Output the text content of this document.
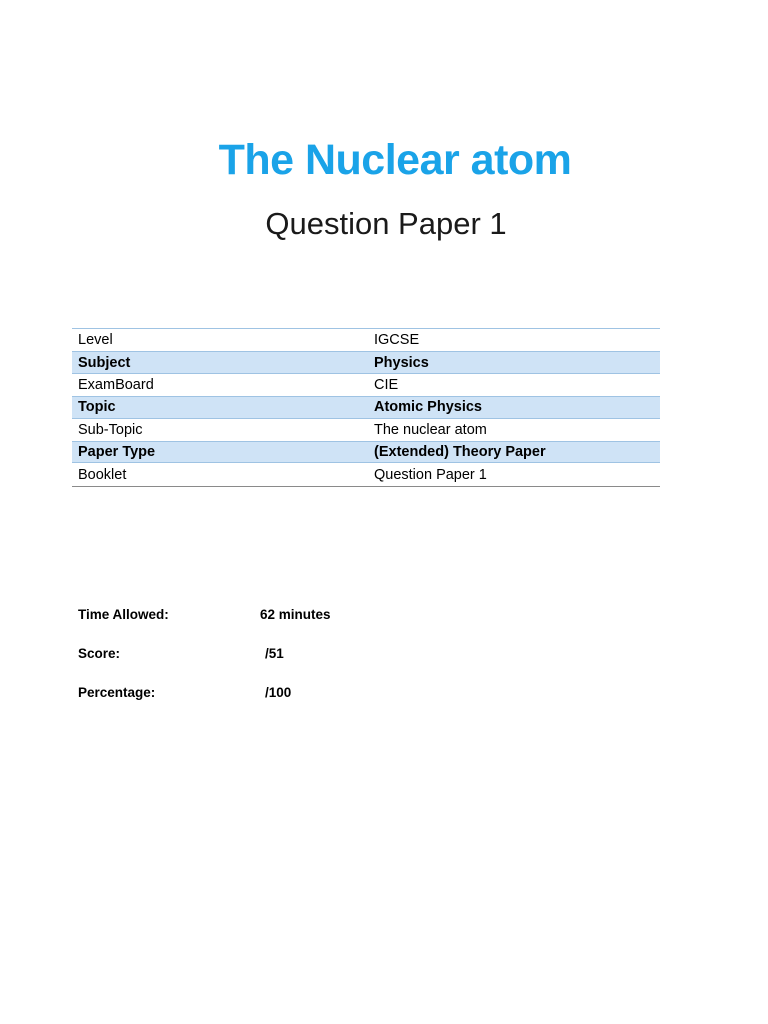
The Nuclear atom
Question Paper 1
Level	IGCSE
Subject	Physics
ExamBoard	CIE
Topic	Atomic Physics
Sub-Topic	The nuclear atom
Paper Type	(Extended) Theory Paper
Booklet	Question Paper 1
Time Allowed:	62 minutes
Score:	/51
Percentage:	/100
